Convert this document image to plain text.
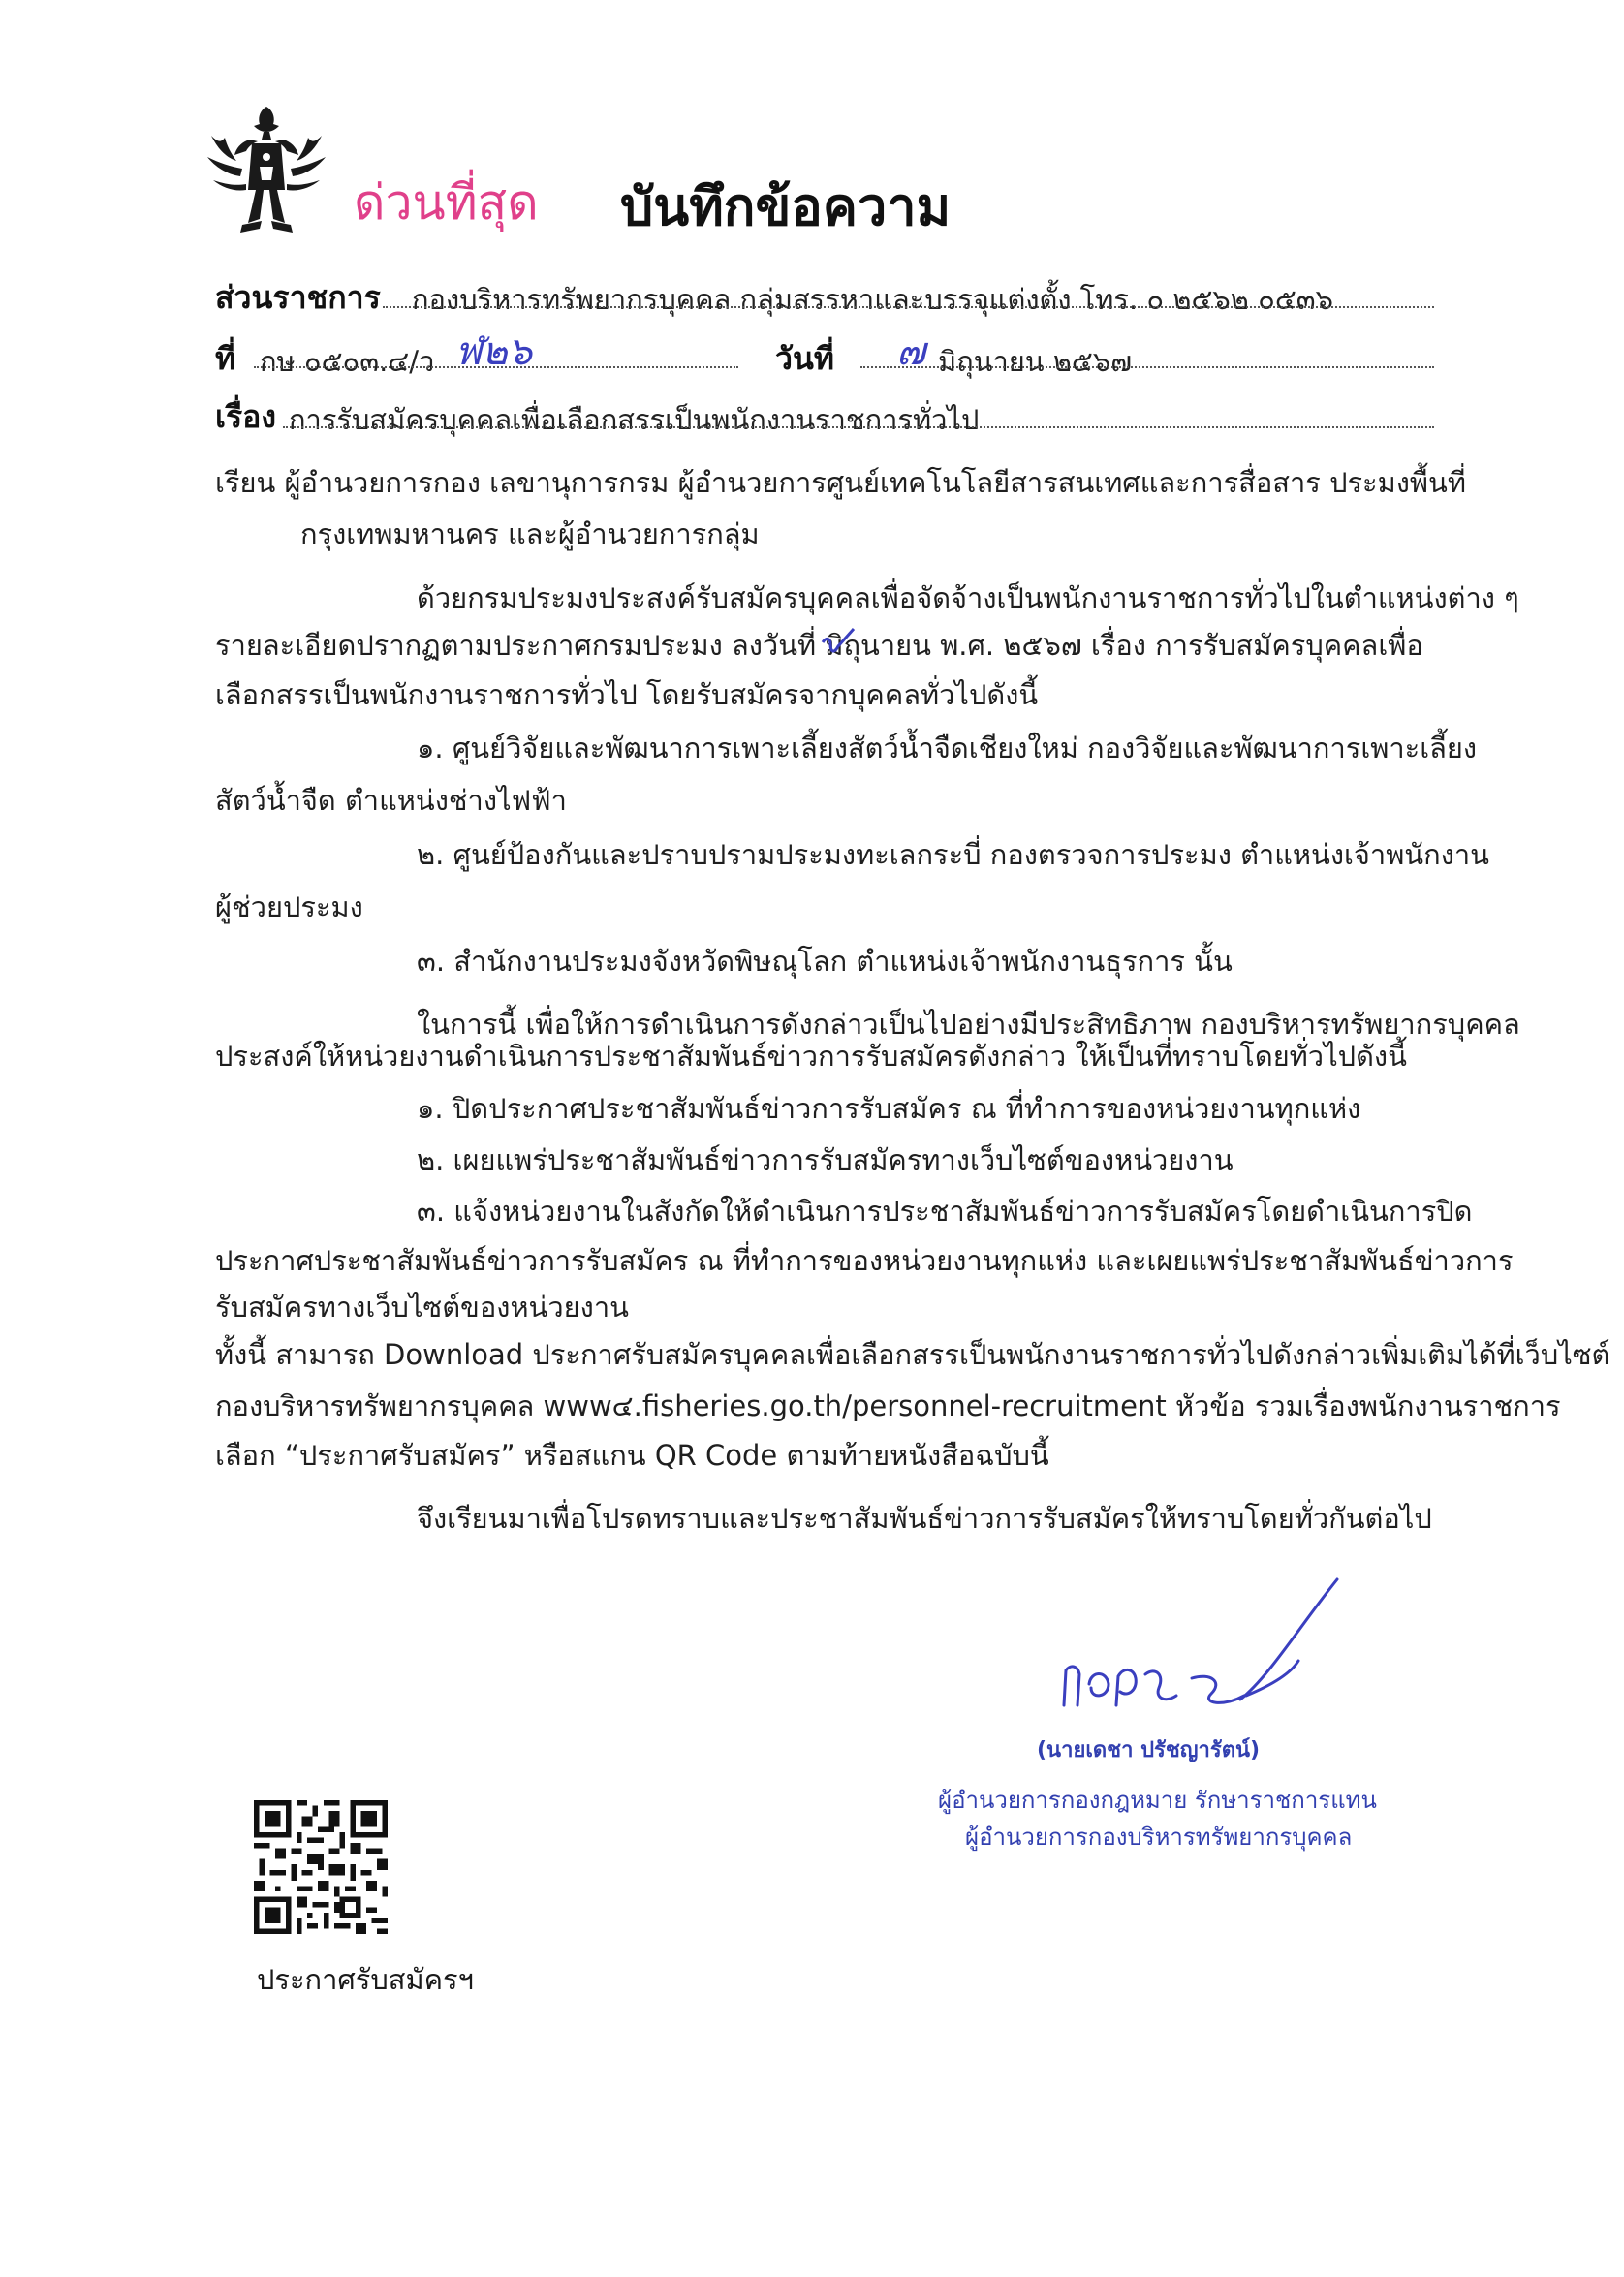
ด่วนที่สุด บันทึกข้อความ
ส่วนราชการ กองบริหารทรัพยากรบุคคล กลุ่มสรรหาและบรรจุแต่งตั้ง โทร. ๐ ๒๕๖๒ ๐๕๓๖
ที่ กษ ๐๕๐๓.๔/ว ฬ๒๖	วันที่ ๗ มิถุนายน ๒๕๖๗
เรื่อง การรับสมัครบุคคลเพื่อเลือกสรรเป็นพนักงานราชการทั่วไป
เรียน ผู้อำนวยการกอง เลขานุการกรม ผู้อำนวยการศูนย์เทคโนโลยีสารสนเทศและการสื่อสาร ประมงพื้นที่
กรุงเทพมหานคร และผู้อำนวยการกลุ่ม
ด้วยกรมประมงประสงค์รับสมัครบุคคลเพื่อจัดจ้างเป็นพนักงานราชการทั่วไปในตำแหน่งต่าง ๆ
รายละเอียดปรากฏตามประกาศกรมประมง ลงวันที่ มิถุนายน พ.ศ. ๒๕๖๗ เรื่อง การรับสมัครบุคคลเพื่อ
เลือกสรรเป็นพนักงานราชการทั่วไป โดยรับสมัครจากบุคคลทั่วไปดังนี้
๑. ศูนย์วิจัยและพัฒนาการเพาะเลี้ยงสัตว์น้ำจืดเชียงใหม่ กองวิจัยและพัฒนาการเพาะเลี้ยง
สัตว์น้ำจืด ตำแหน่งช่างไฟฟ้า
๒. ศูนย์ป้องกันและปราบปรามประมงทะเลกระบี่ กองตรวจการประมง ตำแหน่งเจ้าพนักงาน
ผู้ช่วยประมง
๓. สำนักงานประมงจังหวัดพิษณุโลก ตำแหน่งเจ้าพนักงานธุรการ นั้น
ในการนี้ เพื่อให้การดำเนินการดังกล่าวเป็นไปอย่างมีประสิทธิภาพ กองบริหารทรัพยากรบุคคล
ประสงค์ให้หน่วยงานดำเนินการประชาสัมพันธ์ข่าวการรับสมัครดังกล่าว ให้เป็นที่ทราบโดยทั่วไปดังนี้
๑. ปิดประกาศประชาสัมพันธ์ข่าวการรับสมัคร ณ ที่ทำการของหน่วยงานทุกแห่ง
๒. เผยแพร่ประชาสัมพันธ์ข่าวการรับสมัครทางเว็บไซต์ของหน่วยงาน
๓. แจ้งหน่วยงานในสังกัดให้ดำเนินการประชาสัมพันธ์ข่าวการรับสมัครโดยดำเนินการปิด
ประกาศประชาสัมพันธ์ข่าวการรับสมัคร ณ ที่ทำการของหน่วยงานทุกแห่ง และเผยแพร่ประชาสัมพันธ์ข่าวการ
รับสมัครทางเว็บไซต์ของหน่วยงาน
ทั้งนี้ สามารถ Download ประกาศรับสมัครบุคคลเพื่อเลือกสรรเป็นพนักงานราชการทั่วไปดังกล่าวเพิ่มเติมได้ที่เว็บไซต์
กองบริหารทรัพยากรบุคคล www๔.fisheries.go.th/personnel-recruitment หัวข้อ รวมเรื่องพนักงานราชการ
เลือก “ประกาศรับสมัคร” หรือสแกน QR Code ตามท้ายหนังสือฉบับนี้
จึงเรียนมาเพื่อโปรดทราบและประชาสัมพันธ์ข่าวการรับสมัครให้ทราบโดยทั่วกันต่อไป
(นายเดชา ปรัชญารัตน์)
ผู้อำนวยการกองกฎหมาย รักษาราชการแทน
ผู้อำนวยการกองบริหารทรัพยากรบุคคล
ประกาศรับสมัครฯ
